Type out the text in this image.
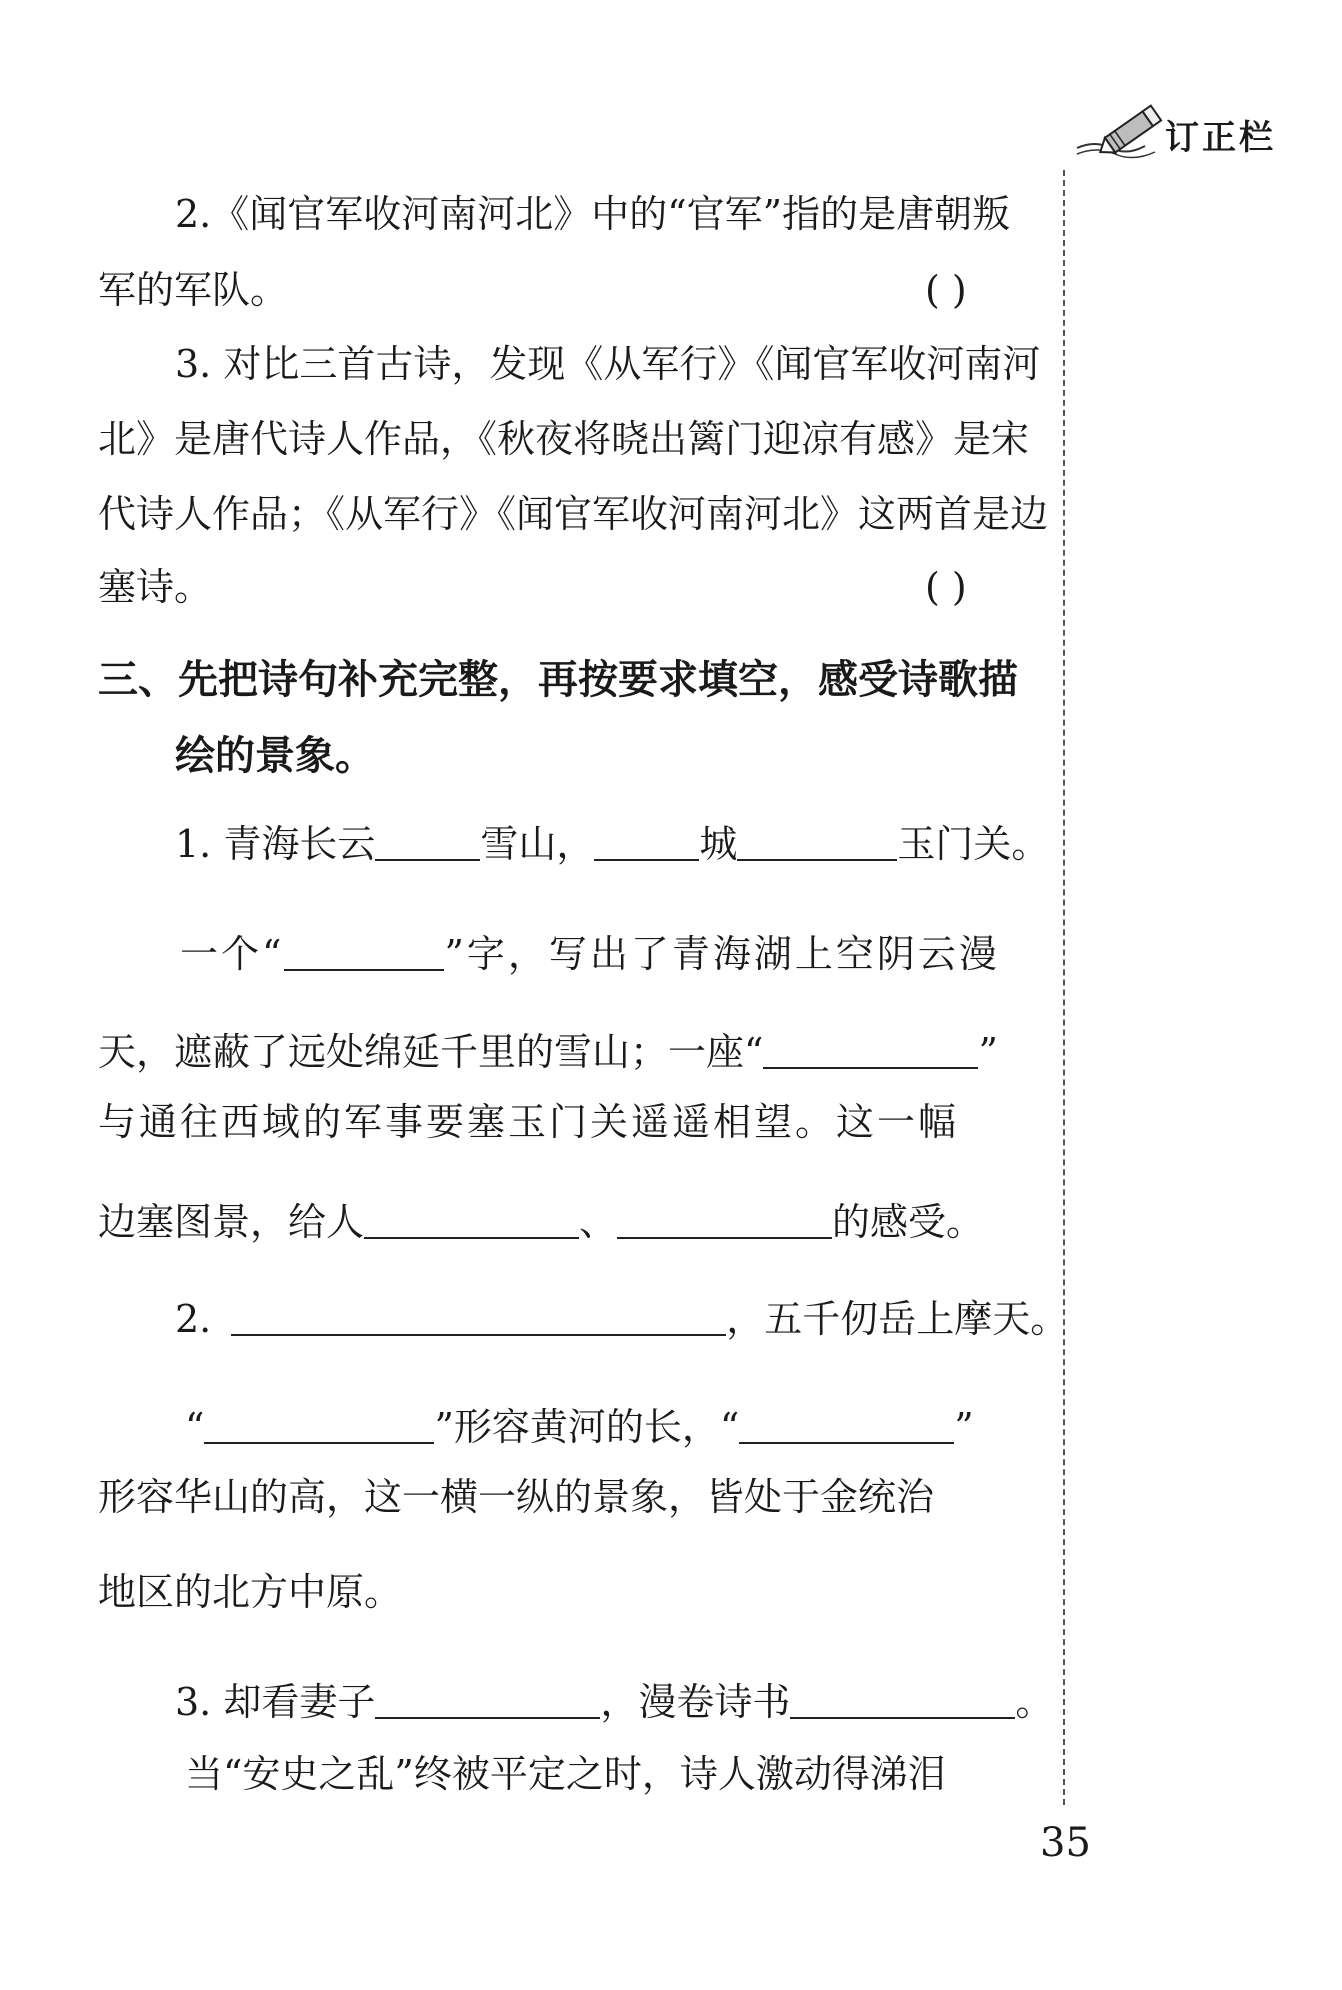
订正栏
2.《闻官军收河南河北》中的“官军”指的是唐朝叛
军的军队。	( )
3. 对比三首古诗，发现《从军行》《闻官军收河南河
北》是唐代诗人作品，《秋夜将晓出篱门迎凉有感》是宋
代诗人作品；《从军行》《闻官军收河南河北》这两首是边
塞诗。	( )
三、先把诗句补充完整，再按要求填空，感受诗歌描
绘的景象。
1. 青海长云	雪山，	城	玉门关。
一个“	”字，写出了青海湖上空阴云漫
天，遮蔽了远处绵延千里的雪山；一座“	”
与通往西域的军事要塞玉门关遥遥相望。这一幅
边塞图景，给人	、	的感受。
2.	，五千仞岳上摩天。
“	”形容黄河的长，“	”
形容华山的高，这一横一纵的景象，皆处于金统治
地区的北方中原。
3. 却看妻子	，漫卷诗书	。
当“安史之乱”终被平定之时，诗人激动得涕泪
35
